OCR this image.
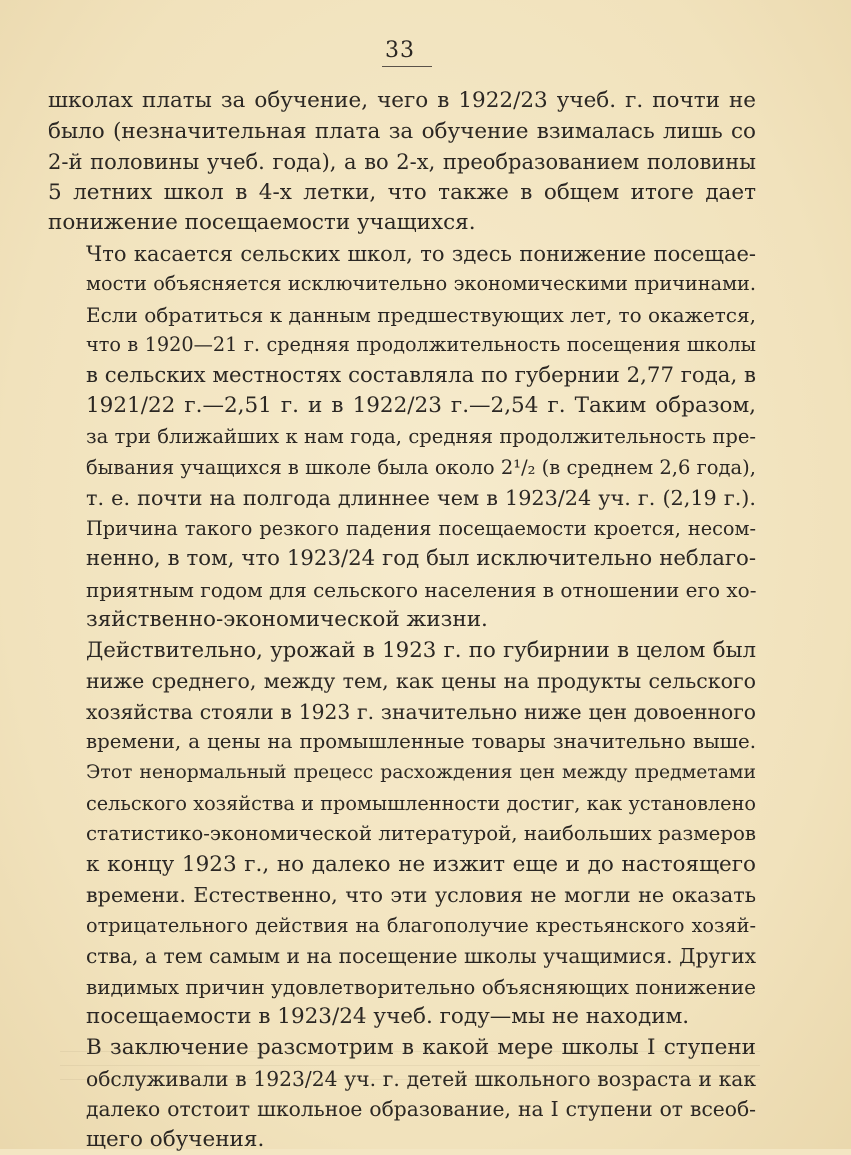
33

школах платы за обучение, чего в 1922/23 учеб. г. почти не
было (незначительная плата за обучение взималась лишь со
2-й половины учеб. года), а во 2-х, преобразованием половины
5 летних школ в 4-х летки, что также в общем итоге дает
понижение посещаемости учащихся.

Что касается сельских школ, то здесь понижение посещае-
мости объясняется исключительно экономическими причинами.
Если обратиться к данным предшествующих лет, то окажется,
что в 1920—21 г. средняя продолжительность посещения школы
в сельских местностях составляла по губернии 2,77 года, в
1921/22 г.—2,51 г. и в 1922/23 г.—2,54 г. Таким образом,
за три ближайших к нам года, средняя продолжительность пре-
бывания учащихся в школе была около 2¹/₂ (в среднем 2,6 года),
т. е. почти на полгода длиннее чем в 1923/24 уч. г. (2,19 г.).
Причина такого резкого падения посещаемости кроется, несом-
ненно, в том, что 1923/24 год был исключительно неблаго-
приятным годом для сельского населения в отношении его хо-
зяйственно-экономической жизни.

Действительно, урожай в 1923 г. по губирнии в целом был
ниже среднего, между тем, как цены на продукты сельского
хозяйства стояли в 1923 г. значительно ниже цен довоенного
времени, а цены на промышленные товары значительно выше.
Этот ненормальный прецесс расхождения цен между предметами
сельского хозяйства и промышленности достиг, как установлено
статистико-экономической литературой, наибольших размеров
к концу 1923 г., но далеко не изжит еще и до настоящего
времени. Естественно, что эти условия не могли не оказать
отрицательного действия на благополучие крестьянского хозяй-
ства, а тем самым и на посещение школы учащимися. Других
видимых причин удовлетворительно объясняющих понижение
посещаемости в 1923/24 учеб. году—мы не находим.

В заключение разсмотрим в какой мере школы I ступени
обслуживали в 1923/24 уч. г. детей школьного возраста и как
далеко отстоит школьное образование, на I ступени от всеоб-
щего обучения.
